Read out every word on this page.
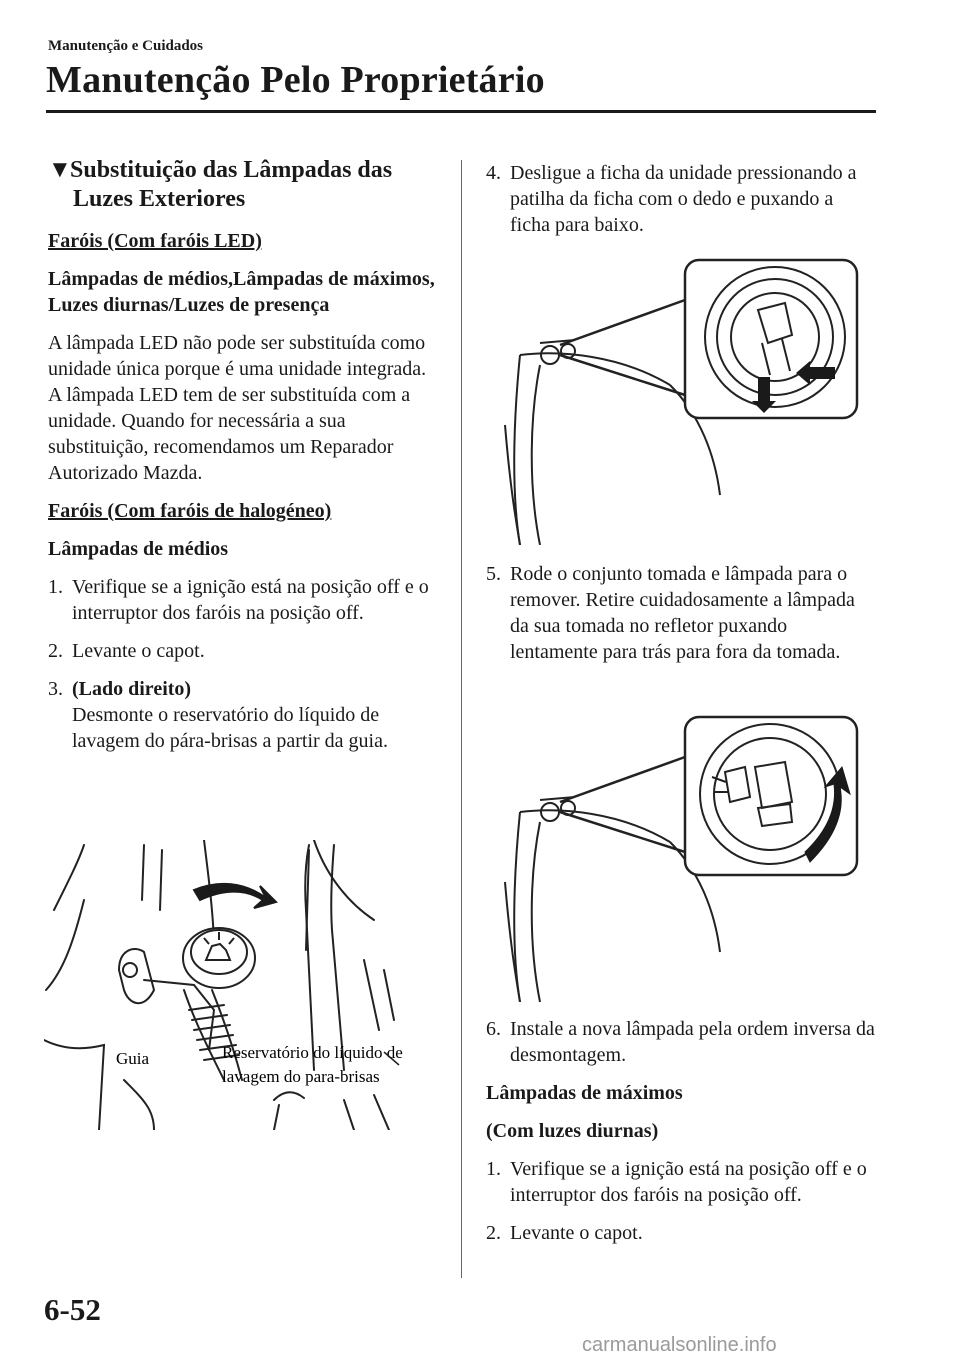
Manutenção e Cuidados
Manutenção Pelo Proprietário
▼Substituição das Lâmpadas das
Luzes Exteriores

Faróis (Com faróis LED)

Lâmpadas de médios,Lâmpadas de máximos, Luzes diurnas/Luzes de presença

A lâmpada LED não pode ser substituída como unidade única porque é uma unidade integrada. A lâmpada LED tem de ser substituída com a unidade. Quando for necessária a sua substituição, recomendamos um Reparador Autorizado Mazda.

Faróis (Com faróis de halogéneo)

Lâmpadas de médios

1. Verifique se a ignição está na posição off e o interruptor dos faróis na posição off.
2. Levante o capot.
3. (Lado direito)
Desmonte o reservatório do líquido de lavagem do pára-brisas a partir da guia.
Guia	Reservatório do líquido de
lavagem do para-brisas
4. Desligue a ficha da unidade pressionando a patilha da ficha com o dedo e puxando a ficha para baixo.
5. Rode o conjunto tomada e lâmpada para o remover. Retire cuidadosamente a lâmpada da sua tomada no refletor puxando lentamente para trás para fora da tomada.
6. Instale a nova lâmpada pela ordem inversa da desmontagem.

Lâmpadas de máximos

(Com luzes diurnas)

1. Verifique se a ignição está na posição off e o interruptor dos faróis na posição off.
2. Levante o capot.
6-52
carmanualsonline.info
